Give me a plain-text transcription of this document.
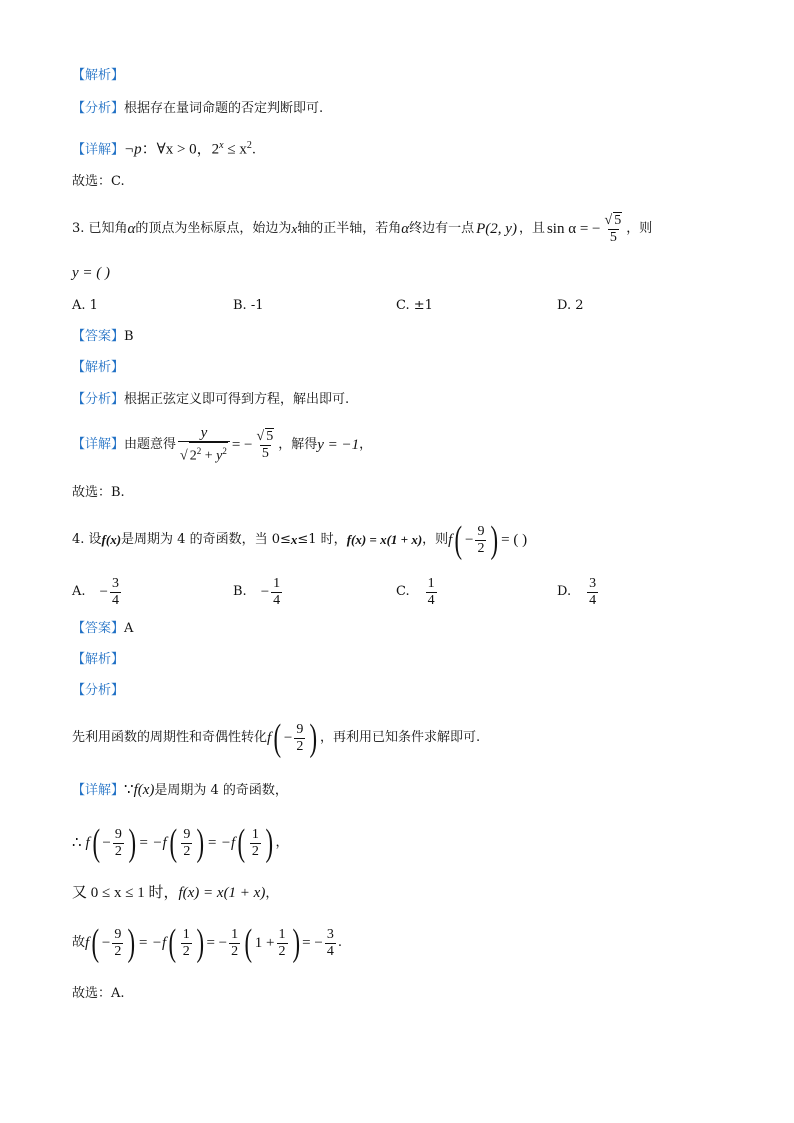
【解析】
【分析】根据存在量词命题的否定判断即可.
【详解】¬p：∀x > 0，$2^x \le x^2$.
故选：C.
3. 已知角 α 的顶点为坐标原点，始边为 x 轴的正半轴，若角 α 终边有一点 P(2, y) ，且 sin α = − $\frac{√ 5}{5}$ ，则
y = ( )
A. 1	B. -1	C. ±1	D. 2
【答案】B
【解析】
【分析】根据正弦定义即可得到方程，解出即可.
【详解】 由题意得 $\frac{y}{√ 2^2 + y^2}$ = − $\frac{√ 5}{5}$ ，解得 y = −1 ，
故选：B.
4. 设 f(x) 是周期为 4 的奇函数，当 0≤ x ≤1 时， f(x) = x(1 + x) ，则 f ( − $\frac{9}{2}$ ) = ( )
A. − $\frac{3}{4}$	B. − $\frac{1}{4}$	C. $\frac{1}{4}$	D. $\frac{3}{4}$
【答案】A
【解析】
【分析】
先利用函数的周期性和奇偶性转化 f ( − $\frac{9}{2}$ ) ，再利用已知条件求解即可.
【详解】∵f(x)是周期为 4 的奇函数，
∴ f ( − $\frac{9}{2}$ ) = −f ( $\frac{9}{2}$ ) = −f ( $\frac{1}{2}$ ) ，
又 0 ≤ x ≤ 1 时，f(x) = x(1 + x)，
故 f ( − $\frac{9}{2}$ ) = −f ( $\frac{1}{2}$ ) = − $\frac{1}{2}$ ( $1 + \frac{1}{2}$ ) = − $\frac{3}{4}$ .
故选：A.
